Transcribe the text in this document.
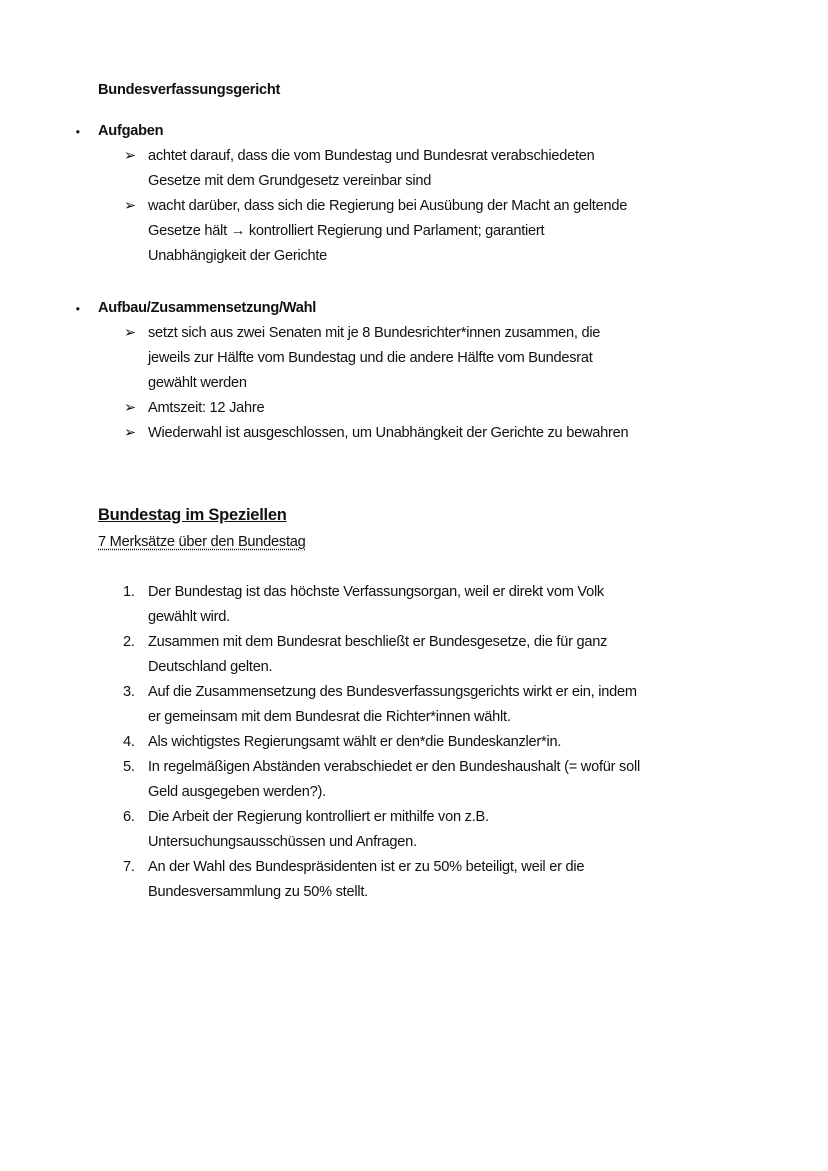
Bundesverfassungsgericht
● Aufgaben
➢ achtet darauf, dass die vom Bundestag und Bundesrat verabschiedeten
Gesetze mit dem Grundgesetz vereinbar sind
➢ wacht darüber, dass sich die Regierung bei Ausübung der Macht an geltende
Gesetze hält → kontrolliert Regierung und Parlament; garantiert
Unabhängigkeit der Gerichte
● Aufbau/Zusammensetzung/Wahl
➢ setzt sich aus zwei Senaten mit je 8 Bundesrichter*innen zusammen, die
jeweils zur Hälfte vom Bundestag und die andere Hälfte vom Bundesrat
gewählt werden
➢ Amtszeit: 12 Jahre
➢ Wiederwahl ist ausgeschlossen, um Unabhängkeit der Gerichte zu bewahren
Bundestag im Speziellen
7 Merksätze über den Bundestag
1. Der Bundestag ist das höchste Verfassungsorgan, weil er direkt vom Volk
gewählt wird.
2. Zusammen mit dem Bundesrat beschließt er Bundesgesetze, die für ganz
Deutschland gelten.
3. Auf die Zusammensetzung des Bundesverfassungsgerichts wirkt er ein, indem
er gemeinsam mit dem Bundesrat die Richter*innen wählt.
4. Als wichtigstes Regierungsamt wählt er den*die Bundeskanzler*in.
5. In regelmäßigen Abständen verabschiedet er den Bundeshaushalt (= wofür soll
Geld ausgegeben werden?).
6. Die Arbeit der Regierung kontrolliert er mithilfe von z.B.
Untersuchungsausschüssen und Anfragen.
7. An der Wahl des Bundespräsidenten ist er zu 50% beteiligt, weil er die
Bundesversammlung zu 50% stellt.
